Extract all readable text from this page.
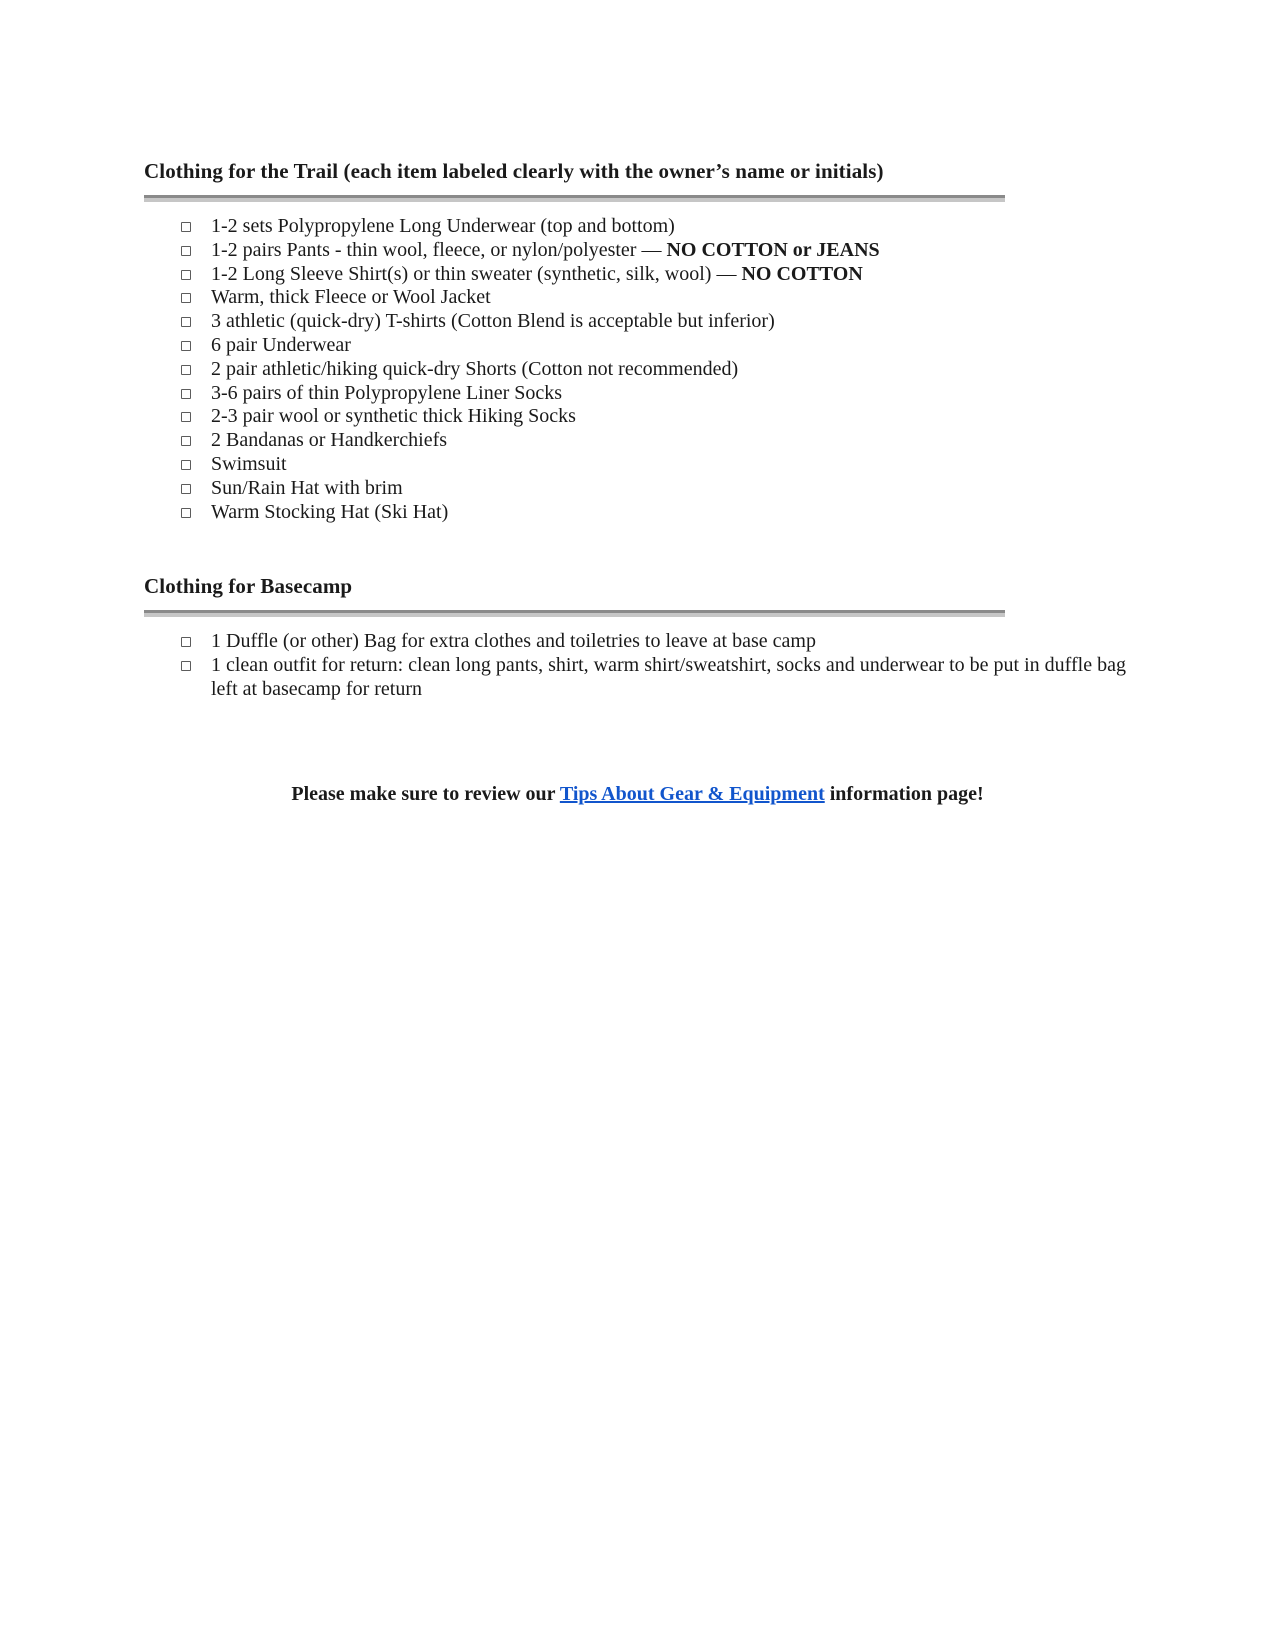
Clothing for the Trail (each item labeled clearly with the owner’s name or initials)
1-2 sets Polypropylene Long Underwear (top and bottom)
1-2 pairs Pants - thin wool, fleece, or nylon/polyester — NO COTTON or JEANS
1-2 Long Sleeve Shirt(s) or thin sweater (synthetic, silk, wool) — NO COTTON
Warm, thick Fleece or Wool Jacket
3 athletic (quick-dry) T-shirts (Cotton Blend is acceptable but inferior)
6 pair Underwear
2 pair athletic/hiking quick-dry Shorts (Cotton not recommended)
3-6 pairs of thin Polypropylene Liner Socks
2-3 pair wool or synthetic thick Hiking Socks
2 Bandanas or Handkerchiefs
Swimsuit
Sun/Rain Hat with brim
Warm Stocking Hat (Ski Hat)
Clothing for Basecamp
1 Duffle (or other) Bag for extra clothes and toiletries to leave at base camp
1 clean outfit for return: clean long pants, shirt, warm shirt/sweatshirt, socks and underwear to be put in duffle bag left at basecamp for return

Please make sure to review our Tips About Gear & Equipment information page!
